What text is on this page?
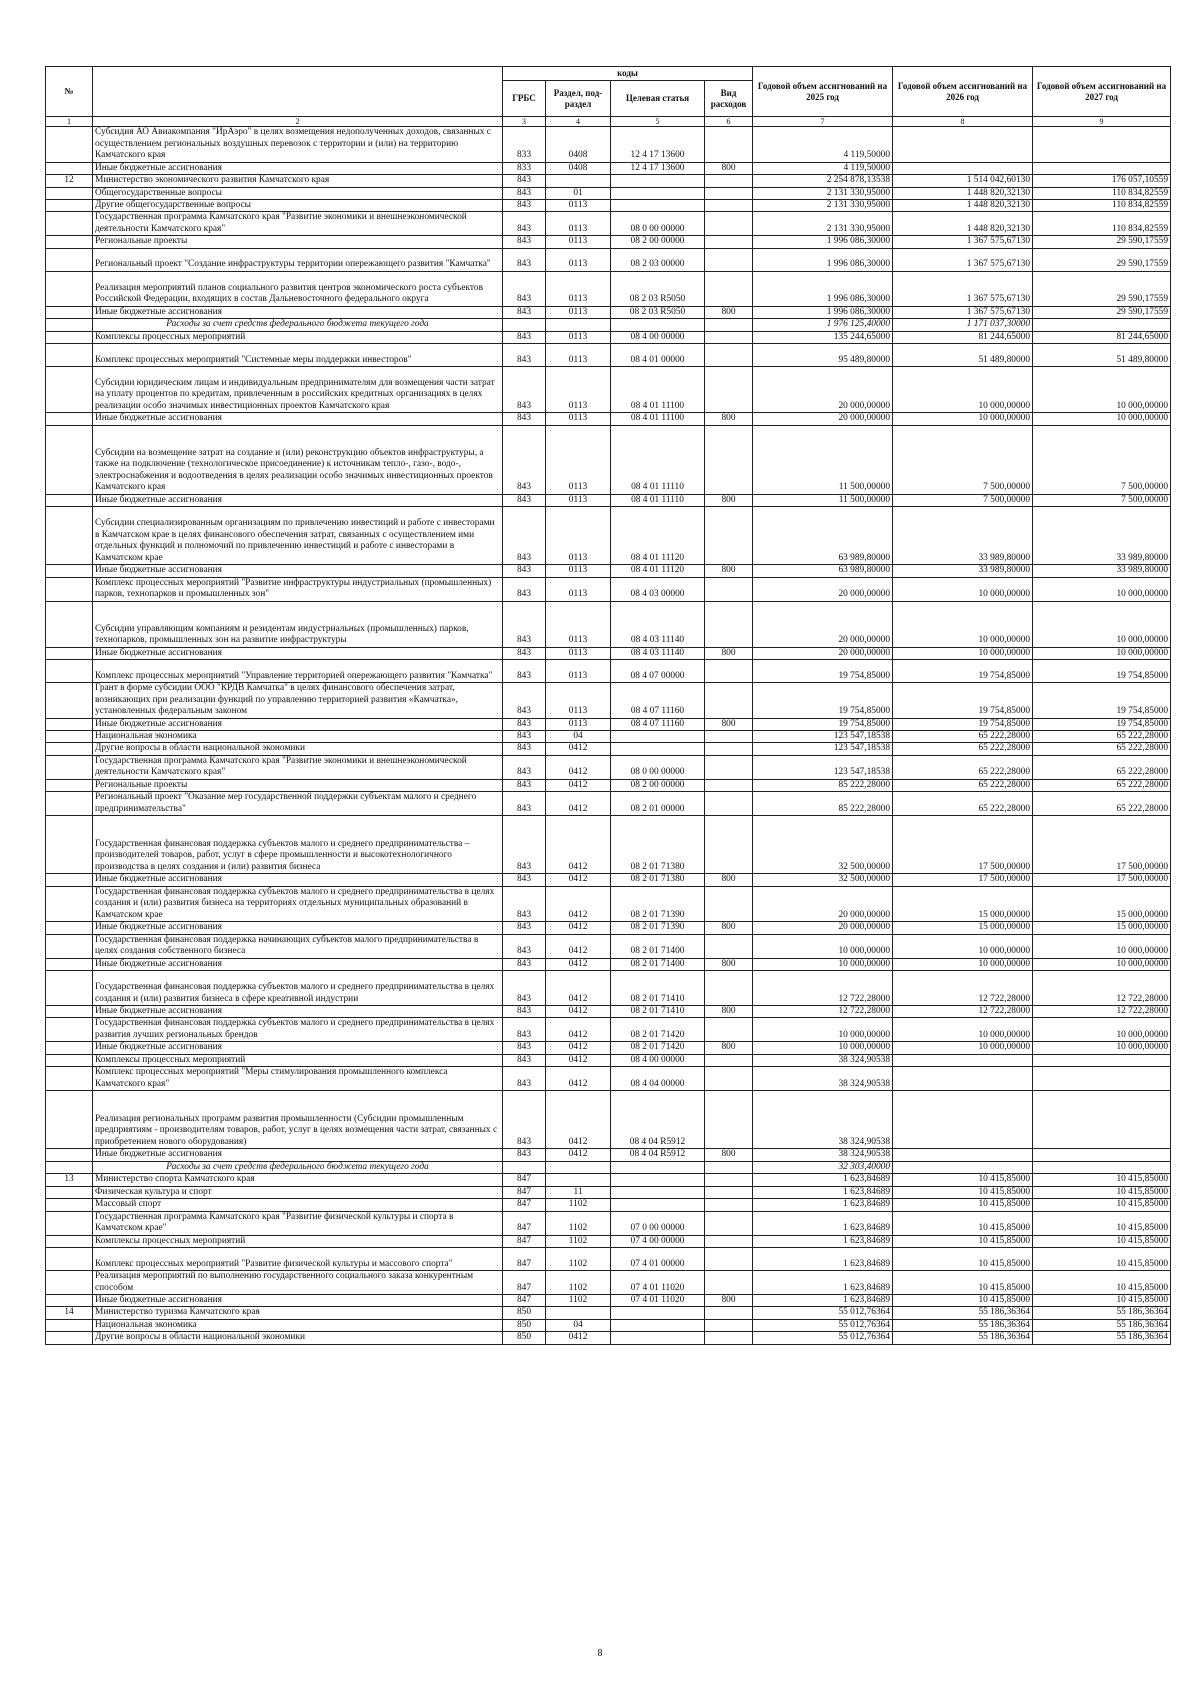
№		коды				Годовой объем ассигнований на 2025 год	Годовой объем ассигнований на 2026 год	Годовой объем ассигнований на 2027 год
		ГРБС	Раздел, под-раздел	Целевая статья	Вид расходов			
1	2	3	4	5	6	7	8	9
	Субсидия АО Авиакомпания "ИрАэро" в целях возмещения недополученных доходов, связанных с осуществлением региональных воздушных перевозок с территории и (или) на территорию Камчатского края	833	0408	12 4 17 13600		4 119,50000		
	Иные бюджетные ассигнования	833	0408	12 4 17 13600	800	4 119,50000		
12	Министерство экономического развития Камчатского края	843				2 254 878,13538	1 514 042,60130	176 057,10559
	Общегосударственные вопросы	843	01			2 131 330,95000	1 448 820,32130	110 834,82559
	Другие общегосударственные вопросы	843	0113			2 131 330,95000	1 448 820,32130	110 834,82559
	Государственная программа Камчатского края "Развитие экономики и внешнеэкономической деятельности Камчатского края"	843	0113	08 0 00 00000		2 131 330,95000	1 448 820,32130	110 834,82559
	Региональные проекты	843	0113	08 2 00 00000		1 996 086,30000	1 367 575,67130	29 590,17559
	Региональный проект "Создание инфраструктуры территории опережающего развития "Камчатка"	843	0113	08 2 03 00000		1 996 086,30000	1 367 575,67130	29 590,17559
	Реализация мероприятий планов социального развития центров экономического роста субъектов Российской Федерации, входящих в состав Дальневосточного федерального округа	843	0113	08 2 03 R5050		1 996 086,30000	1 367 575,67130	29 590,17559
	Иные бюджетные ассигнования	843	0113	08 2 03 R5050	800	1 996 086,30000	1 367 575,67130	29 590,17559
	Расходы за счет средств федерального бюджета текущего года					1 976 125,40000	1 171 037,30000	
	Комплексы процессных мероприятий	843	0113	08 4 00 00000		135 244,65000	81 244,65000	81 244,65000
	Комплекс процессных мероприятий "Системные меры поддержки инвесторов"	843	0113	08 4 01 00000		95 489,80000	51 489,80000	51 489,80000
	Субсидии юридическим лицам и индивидуальным предпринимателям для возмещения части затрат на уплату процентов по кредитам, привлеченным в российских кредитных организациях в целях реализации особо значимых инвестиционных проектов Камчатского края	843	0113	08 4 01 11100		20 000,00000	10 000,00000	10 000,00000
	Иные бюджетные ассигнования	843	0113	08 4 01 11100	800	20 000,00000	10 000,00000	10 000,00000
	Субсидии на возмещение затрат на создание и (или) реконструкцию объектов инфраструктуры, а также на подключение (технологическое присоединение) к источникам тепло-, газо-, водо-, электроснабжения и водоотведения в целях реализации особо значимых инвестиционных проектов Камчатского края	843	0113	08 4 01 11110		11 500,00000	7 500,00000	7 500,00000
	Иные бюджетные ассигнования	843	0113	08 4 01 11110	800	11 500,00000	7 500,00000	7 500,00000
	Субсидии специализированным организациям по привлечению инвестиций и работе с инвесторами в Камчатском крае в целях финансового обеспечения затрат, связанных с осуществлением ими отдельных функций и полномочий по привлечению инвестиций и работе с инвесторами в Камчатском крае	843	0113	08 4 01 11120		63 989,80000	33 989,80000	33 989,80000
	Иные бюджетные ассигнования	843	0113	08 4 01 11120	800	63 989,80000	33 989,80000	33 989,80000
	Комплекс процессных мероприятий "Развитие инфраструктуры индустриальных (промышленных) парков, технопарков и промышленных зон"	843	0113	08 4 03 00000		20 000,00000	10 000,00000	10 000,00000
	Субсидии управляющим компаниям и резидентам индустриальных (промышленных) парков, технопарков, промышленных зон на развитие инфраструктуры	843	0113	08 4 03 11140		20 000,00000	10 000,00000	10 000,00000
	Иные бюджетные ассигнования	843	0113	08 4 03 11140	800	20 000,00000	10 000,00000	10 000,00000
	Комплекс процессных мероприятий "Управление территорией опережающего развития "Камчатка"	843	0113	08 4 07 00000		19 754,85000	19 754,85000	19 754,85000
	Грант в форме субсидии ООО "КРДВ Камчатка" в целях финансового обеспечения затрат, возникающих при реализации функций по управлению территорией развития «Камчатка», установленных федеральным законом	843	0113	08 4 07 11160		19 754,85000	19 754,85000	19 754,85000
	Иные бюджетные ассигнования	843	0113	08 4 07 11160	800	19 754,85000	19 754,85000	19 754,85000
	Национальная экономика	843	04			123 547,18538	65 222,28000	65 222,28000
	Другие вопросы в области национальной экономики	843	0412			123 547,18538	65 222,28000	65 222,28000
	Государственная программа Камчатского края "Развитие экономики и внешнеэкономической деятельности Камчатского края"	843	0412	08 0 00 00000		123 547,18538	65 222,28000	65 222,28000
	Региональные проекты	843	0412	08 2 00 00000		85 222,28000	65 222,28000	65 222,28000
	Региональный проект "Оказание мер государственной поддержки субъектам малого и среднего предпринимательства"	843	0412	08 2 01 00000		85 222,28000	65 222,28000	65 222,28000
	Государственная финансовая поддержка субъектов малого и среднего предпринимательства – производителей товаров, работ, услуг в сфере промышленности и высокотехнологичного производства в целях создания и (или) развития бизнеса	843	0412	08 2 01 71380		32 500,00000	17 500,00000	17 500,00000
	Иные бюджетные ассигнования	843	0412	08 2 01 71380	800	32 500,00000	17 500,00000	17 500,00000
	Государственная финансовая поддержка субъектов малого и среднего предпринимательства в целях создания и (или) развития бизнеса на территориях отдельных муниципальных образований в Камчатском крае	843	0412	08 2 01 71390		20 000,00000	15 000,00000	15 000,00000
	Иные бюджетные ассигнования	843	0412	08 2 01 71390	800	20 000,00000	15 000,00000	15 000,00000
	Государственная финансовая поддержка начинающих субъектов малого предпринимательства в целях создания собственного бизнеса	843	0412	08 2 01 71400		10 000,00000	10 000,00000	10 000,00000
	Иные бюджетные ассигнования	843	0412	08 2 01 71400	800	10 000,00000	10 000,00000	10 000,00000
	Государственная финансовая поддержка субъектов малого и среднего предпринимательства в целях создания и (или) развития бизнеса в сфере креативной индустрии	843	0412	08 2 01 71410		12 722,28000	12 722,28000	12 722,28000
	Иные бюджетные ассигнования	843	0412	08 2 01 71410	800	12 722,28000	12 722,28000	12 722,28000
	Государственная финансовая поддержка субъектов малого и среднего предпринимательства в целях развития лучших региональных брендов	843	0412	08 2 01 71420		10 000,00000	10 000,00000	10 000,00000
	Иные бюджетные ассигнования	843	0412	08 2 01 71420	800	10 000,00000	10 000,00000	10 000,00000
	Комплексы процессных мероприятий	843	0412	08 4 00 00000		38 324,90538		
	Комплекс процессных мероприятий "Меры стимулирования промышленного комплекса Камчатского края"	843	0412	08 4 04 00000		38 324,90538		
	Реализация региональных программ развития промышленности (Субсидии промышленным предприятиям - производителям товаров, работ, услуг в целях возмещения части затрат, связанных с приобретением нового оборудования)	843	0412	08 4 04 R5912		38 324,90538		
	Иные бюджетные ассигнования	843	0412	08 4 04 R5912	800	38 324,90538		
	Расходы за счет средств федерального бюджета текущего года					32 303,40000		
13	Министерство спорта Камчатского края	847				1 623,84689	10 415,85000	10 415,85000
	Физическая культура и спорт	847	11			1 623,84689	10 415,85000	10 415,85000
	Массовый спорт	847	1102			1 623,84689	10 415,85000	10 415,85000
	Государственная программа Камчатского края "Развитие физической культуры и спорта в Камчатском крае"	847	1102	07 0 00 00000		1 623,84689	10 415,85000	10 415,85000
	Комплексы процессных мероприятий	847	1102	07 4 00 00000		1 623,84689	10 415,85000	10 415,85000
	Комплекс процессных мероприятий "Развитие физической культуры и массового спорта"	847	1102	07 4 01 00000		1 623,84689	10 415,85000	10 415,85000
	Реализация мероприятий по выполнению государственного социального заказа конкурентным способом	847	1102	07 4 01 11020		1 623,84689	10 415,85000	10 415,85000
	Иные бюджетные ассигнования	847	1102	07 4 01 11020	800	1 623,84689	10 415,85000	10 415,85000
14	Министерство туризма Камчатского края	850				55 012,76364	55 186,36364	55 186,36364
	Национальная экономика	850	04			55 012,76364	55 186,36364	55 186,36364
	Другие вопросы в области национальной экономики	850	0412			55 012,76364	55 186,36364	55 186,36364
8
